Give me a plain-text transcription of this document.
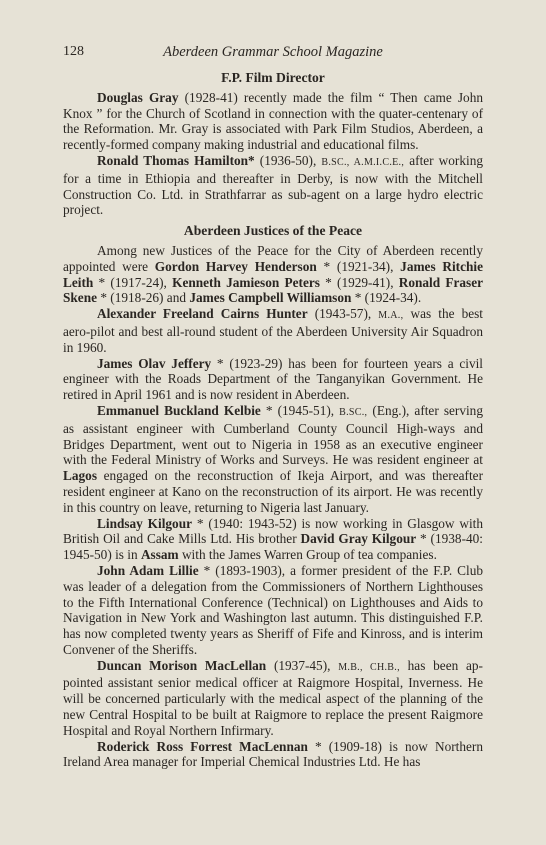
128	Aberdeen Grammar School Magazine
F.P. Film Director

Douglas Gray (1928-41) recently made the film “ Then came John Knox ” for the Church of Scotland in connection with the quater-centenary of the Reformation. Mr. Gray is associated with Park Film Studios, Aberdeen, a recently-formed company making industrial and educational films.

Ronald Thomas Hamilton* (1936-50), B.SC., A.M.I.C.E., after working for a time in Ethiopia and thereafter in Derby, is now with the Mitchell Construction Co. Ltd. in Strathfarrar as sub-agent on a large hydro electric project.

Aberdeen Justices of the Peace

Among new Justices of the Peace for the City of Aberdeen recently appointed were Gordon Harvey Henderson * (1921-34), James Ritchie Leith * (1917-24), Kenneth Jamieson Peters * (1929-41), Ronald Fraser Skene * (1918-26) and James Campbell Williamson * (1924-34).

Alexander Freeland Cairns Hunter (1943-57), M.A., was the best aero-pilot and best all-round student of the Aberdeen University Air Squadron in 1960.

James Olav Jeffery * (1923-29) has been for fourteen years a civil engineer with the Roads Department of the Tanganyikan Government. He retired in April 1961 and is now resident in Aberdeen.

Emmanuel Buckland Kelbie * (1945-51), B.SC., (Eng.), after serving as assistant engineer with Cumberland County Council High-ways and Bridges Department, went out to Nigeria in 1958 as an executive engineer with the Federal Ministry of Works and Surveys. He was resident engineer at Lagos engaged on the reconstruction of Ikeja Airport, and was thereafter resident engineer at Kano on the reconstruction of its airport. He was recently in this country on leave, returning to Nigeria last January.

Lindsay Kilgour * (1940: 1943-52) is now working in Glasgow with British Oil and Cake Mills Ltd. His brother David Gray Kilgour * (1938-40: 1945-50) is in Assam with the James Warren Group of tea companies.

John Adam Lillie * (1893-1903), a former president of the F.P. Club was leader of a delegation from the Commissioners of Northern Lighthouses to the Fifth International Conference (Technical) on Lighthouses and Aids to Navigation in New York and Washington last autumn. This distinguished F.P. has now completed twenty years as Sheriff of Fife and Kinross, and is interim Convener of the Sheriffs.

Duncan Morison MacLellan (1937-45), M.B., CH.B., has been ap-pointed assistant senior medical officer at Raigmore Hospital, Inverness. He will be concerned particularly with the medical aspect of the planning of the new Central Hospital to be built at Raigmore to replace the present Raigmore Hospital and Royal Northern Infirmary.

Roderick Ross Forrest MacLennan * (1909-18) is now Northern Ireland Area manager for Imperial Chemical Industries Ltd. He has
